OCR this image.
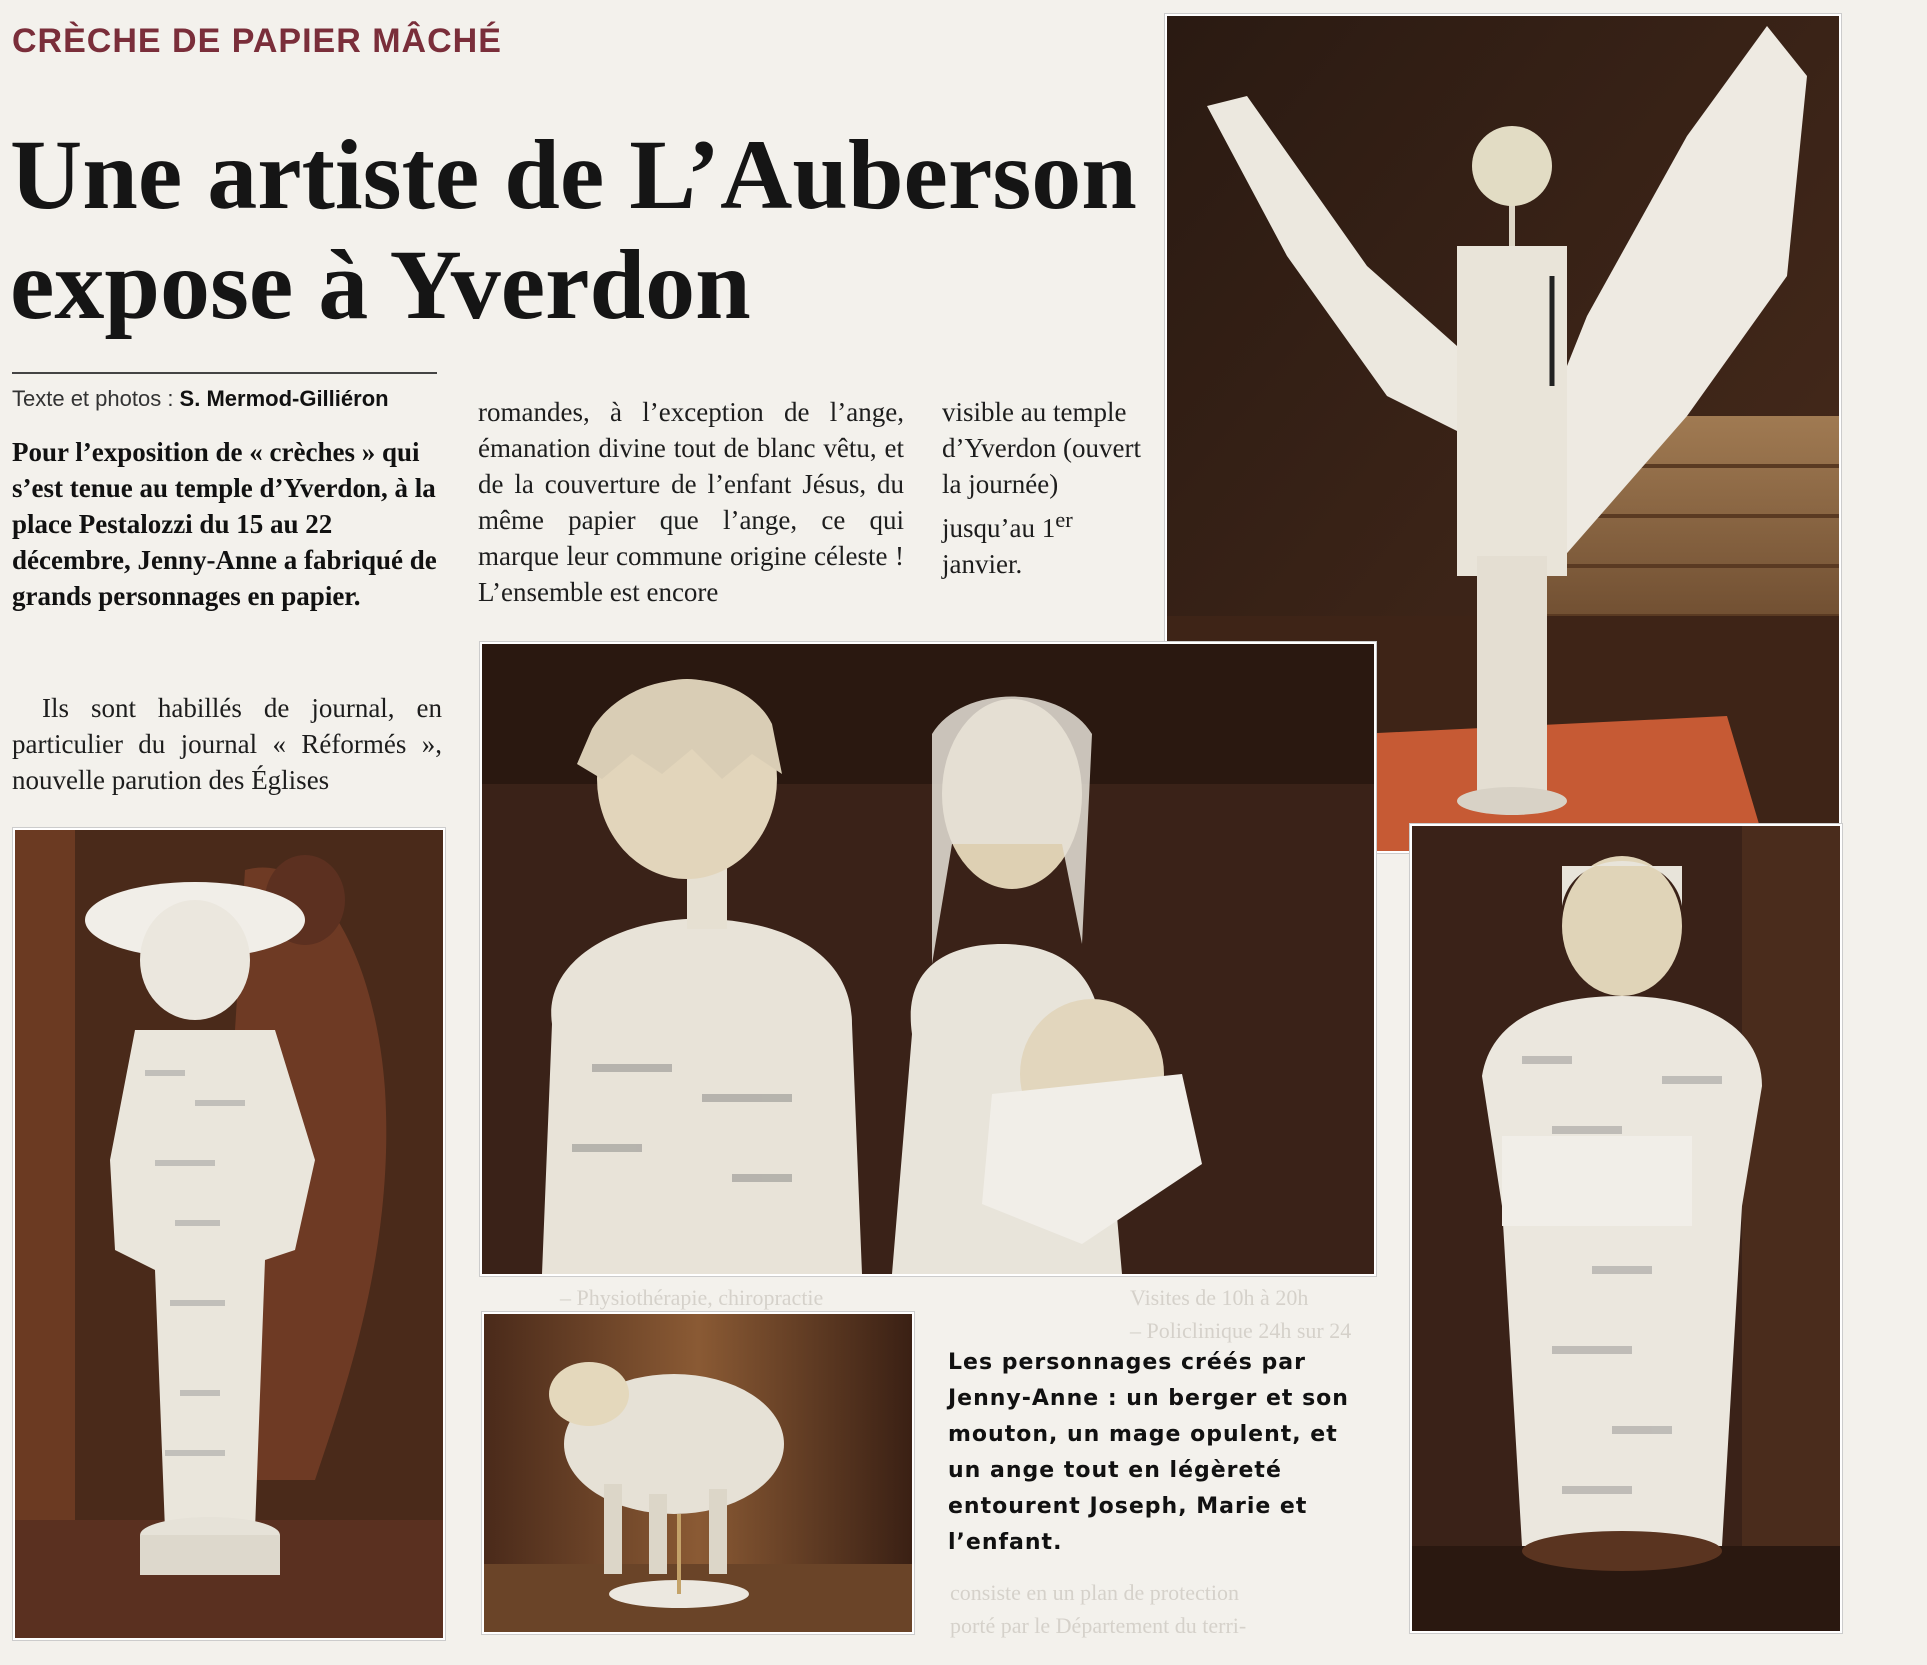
– Physiothérapie, chiropractie	Visites de 10h à 20h
– Policlinique 24h sur 24
consiste en un plan de protection
porté par le Département du terri-
CRÈCHE DE PAPIER MÂCHÉ
Une artiste de L’Auberson
expose à Yverdon
Texte et photos : S. Mermod-Gilliéron
Pour l’exposition de « crèches » qui s’est tenue au temple d’Yverdon, à la place Pestalozzi du 15 au 22 décembre, Jenny-Anne a fabriqué de grands personnages en papier.
Ils sont habillés de journal, en particulier du journal « Réformés », nouvelle parution des Églises
romandes, à l’exception de l’ange, émanation divine tout de blanc vêtu, et de la couverture de l’enfant Jésus, du même papier que l’ange, ce qui marque leur commune origine céleste ! L’ensemble est encore
visible au temple d’Yverdon (ouvert la journée) jusqu’au 1er janvier.
Les personnages créés par Jenny-Anne : un berger et son mouton, un mage opulent, et un ange tout en légèreté entourent Joseph, Marie et l’enfant.
